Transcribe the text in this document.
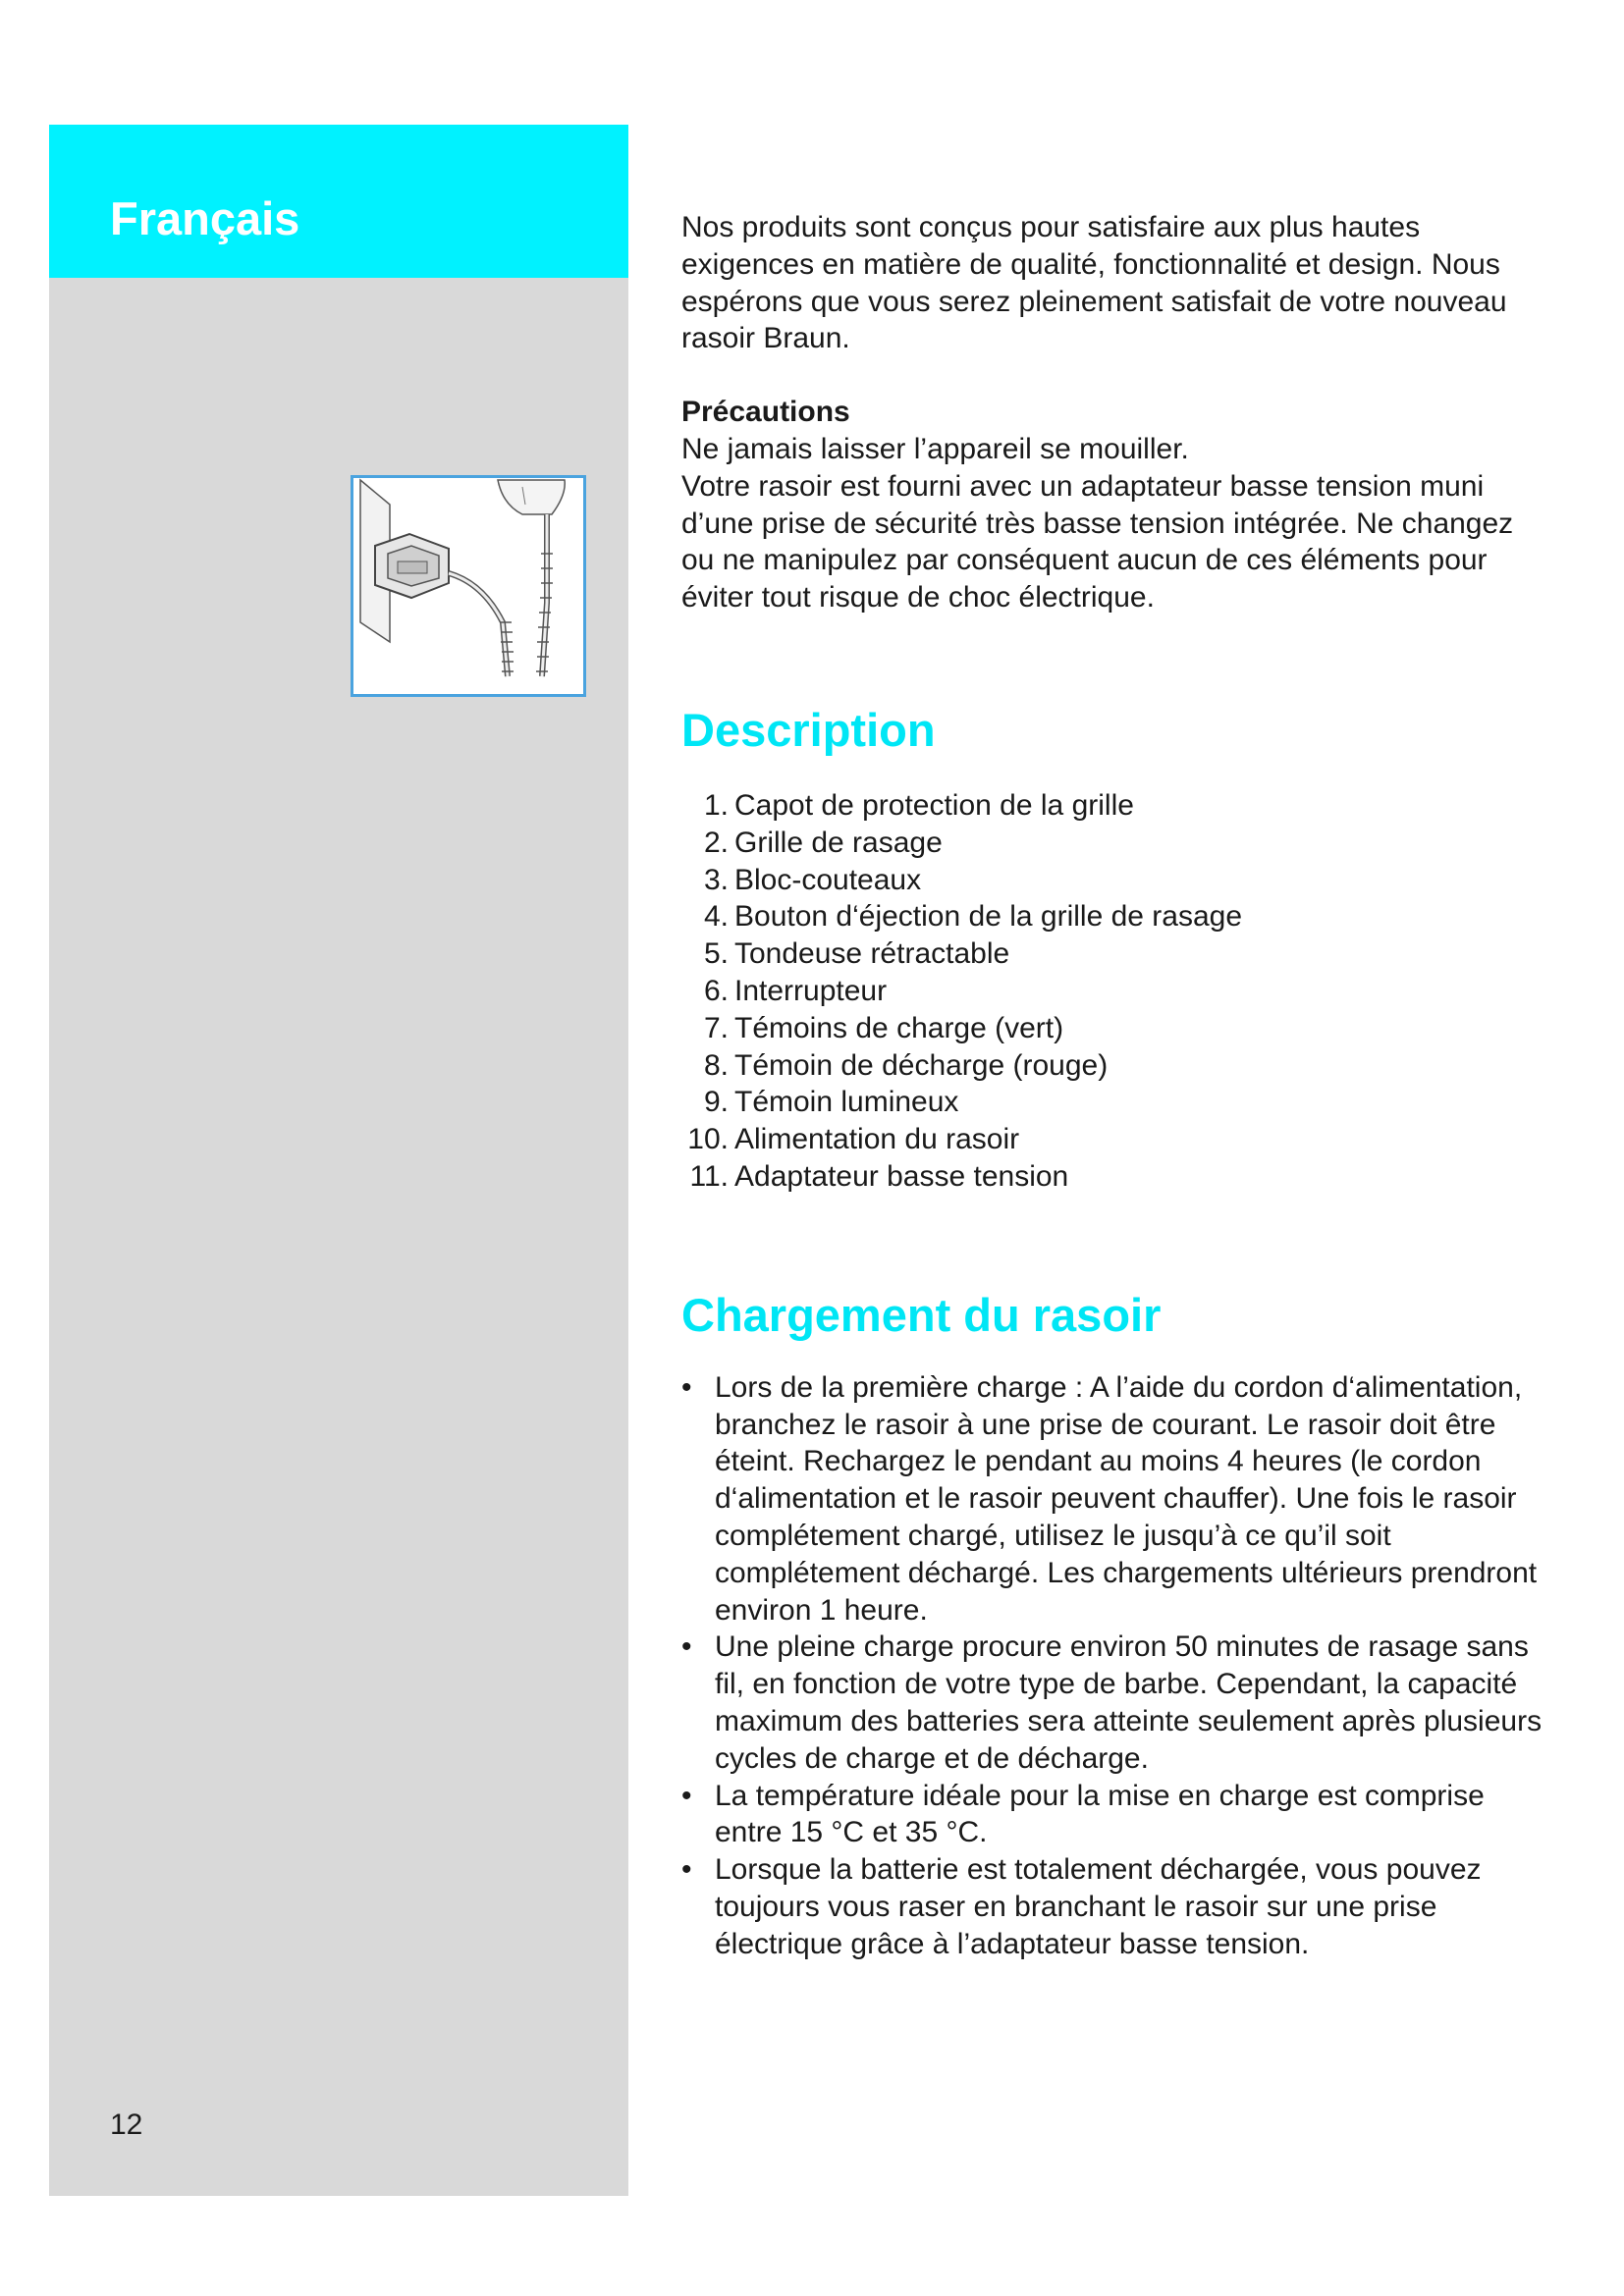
Français
12

Nos produits sont conçus pour satisfaire aux plus hautes exigences en matière de qualité, fonctionnalité et design. Nous espérons que vous serez pleinement satisfait de votre nouveau rasoir Braun.

Précautions

Ne jamais laisser l’appareil se mouiller.

Votre rasoir est fourni avec un adaptateur basse tension muni d’une prise de sécurité très basse tension intégrée. Ne changez ou ne manipulez par conséquent aucun de ces éléments pour éviter tout risque de choc électrique.

Description
1. Capot de protection de la grille
2. Grille de rasage
3. Bloc-couteaux
4. Bouton d‘éjection de la grille de rasage
5. Tondeuse rétractable
6. Interrupteur
7. Témoins de charge (vert)
8. Témoin de décharge (rouge)
9. Témoin lumineux
10. Alimentation du rasoir
11. Adaptateur basse tension
Chargement du rasoir
• Lors de la première charge : A l’aide du cordon d‘alimentation, branchez le rasoir à une prise de courant. Le rasoir doit être éteint. Rechargez le pendant au moins 4 heures (le cordon d‘alimentation et le rasoir peuvent chauffer). Une fois le rasoir complétement chargé, utilisez le jusqu’à ce qu’il soit complétement déchargé. Les chargements ultérieurs prendront environ 1 heure.
• Une pleine charge procure environ 50 minutes de rasage sans fil, en fonction de votre type de barbe. Cependant, la capacité maximum des batteries sera atteinte seulement après plusieurs cycles de charge et de décharge.
• La température idéale pour la mise en charge est comprise entre 15 °C et 35 °C.
• Lorsque la batterie est totalement déchargée, vous pouvez toujours vous raser en branchant le rasoir sur une prise électrique grâce à l’adaptateur basse tension.
